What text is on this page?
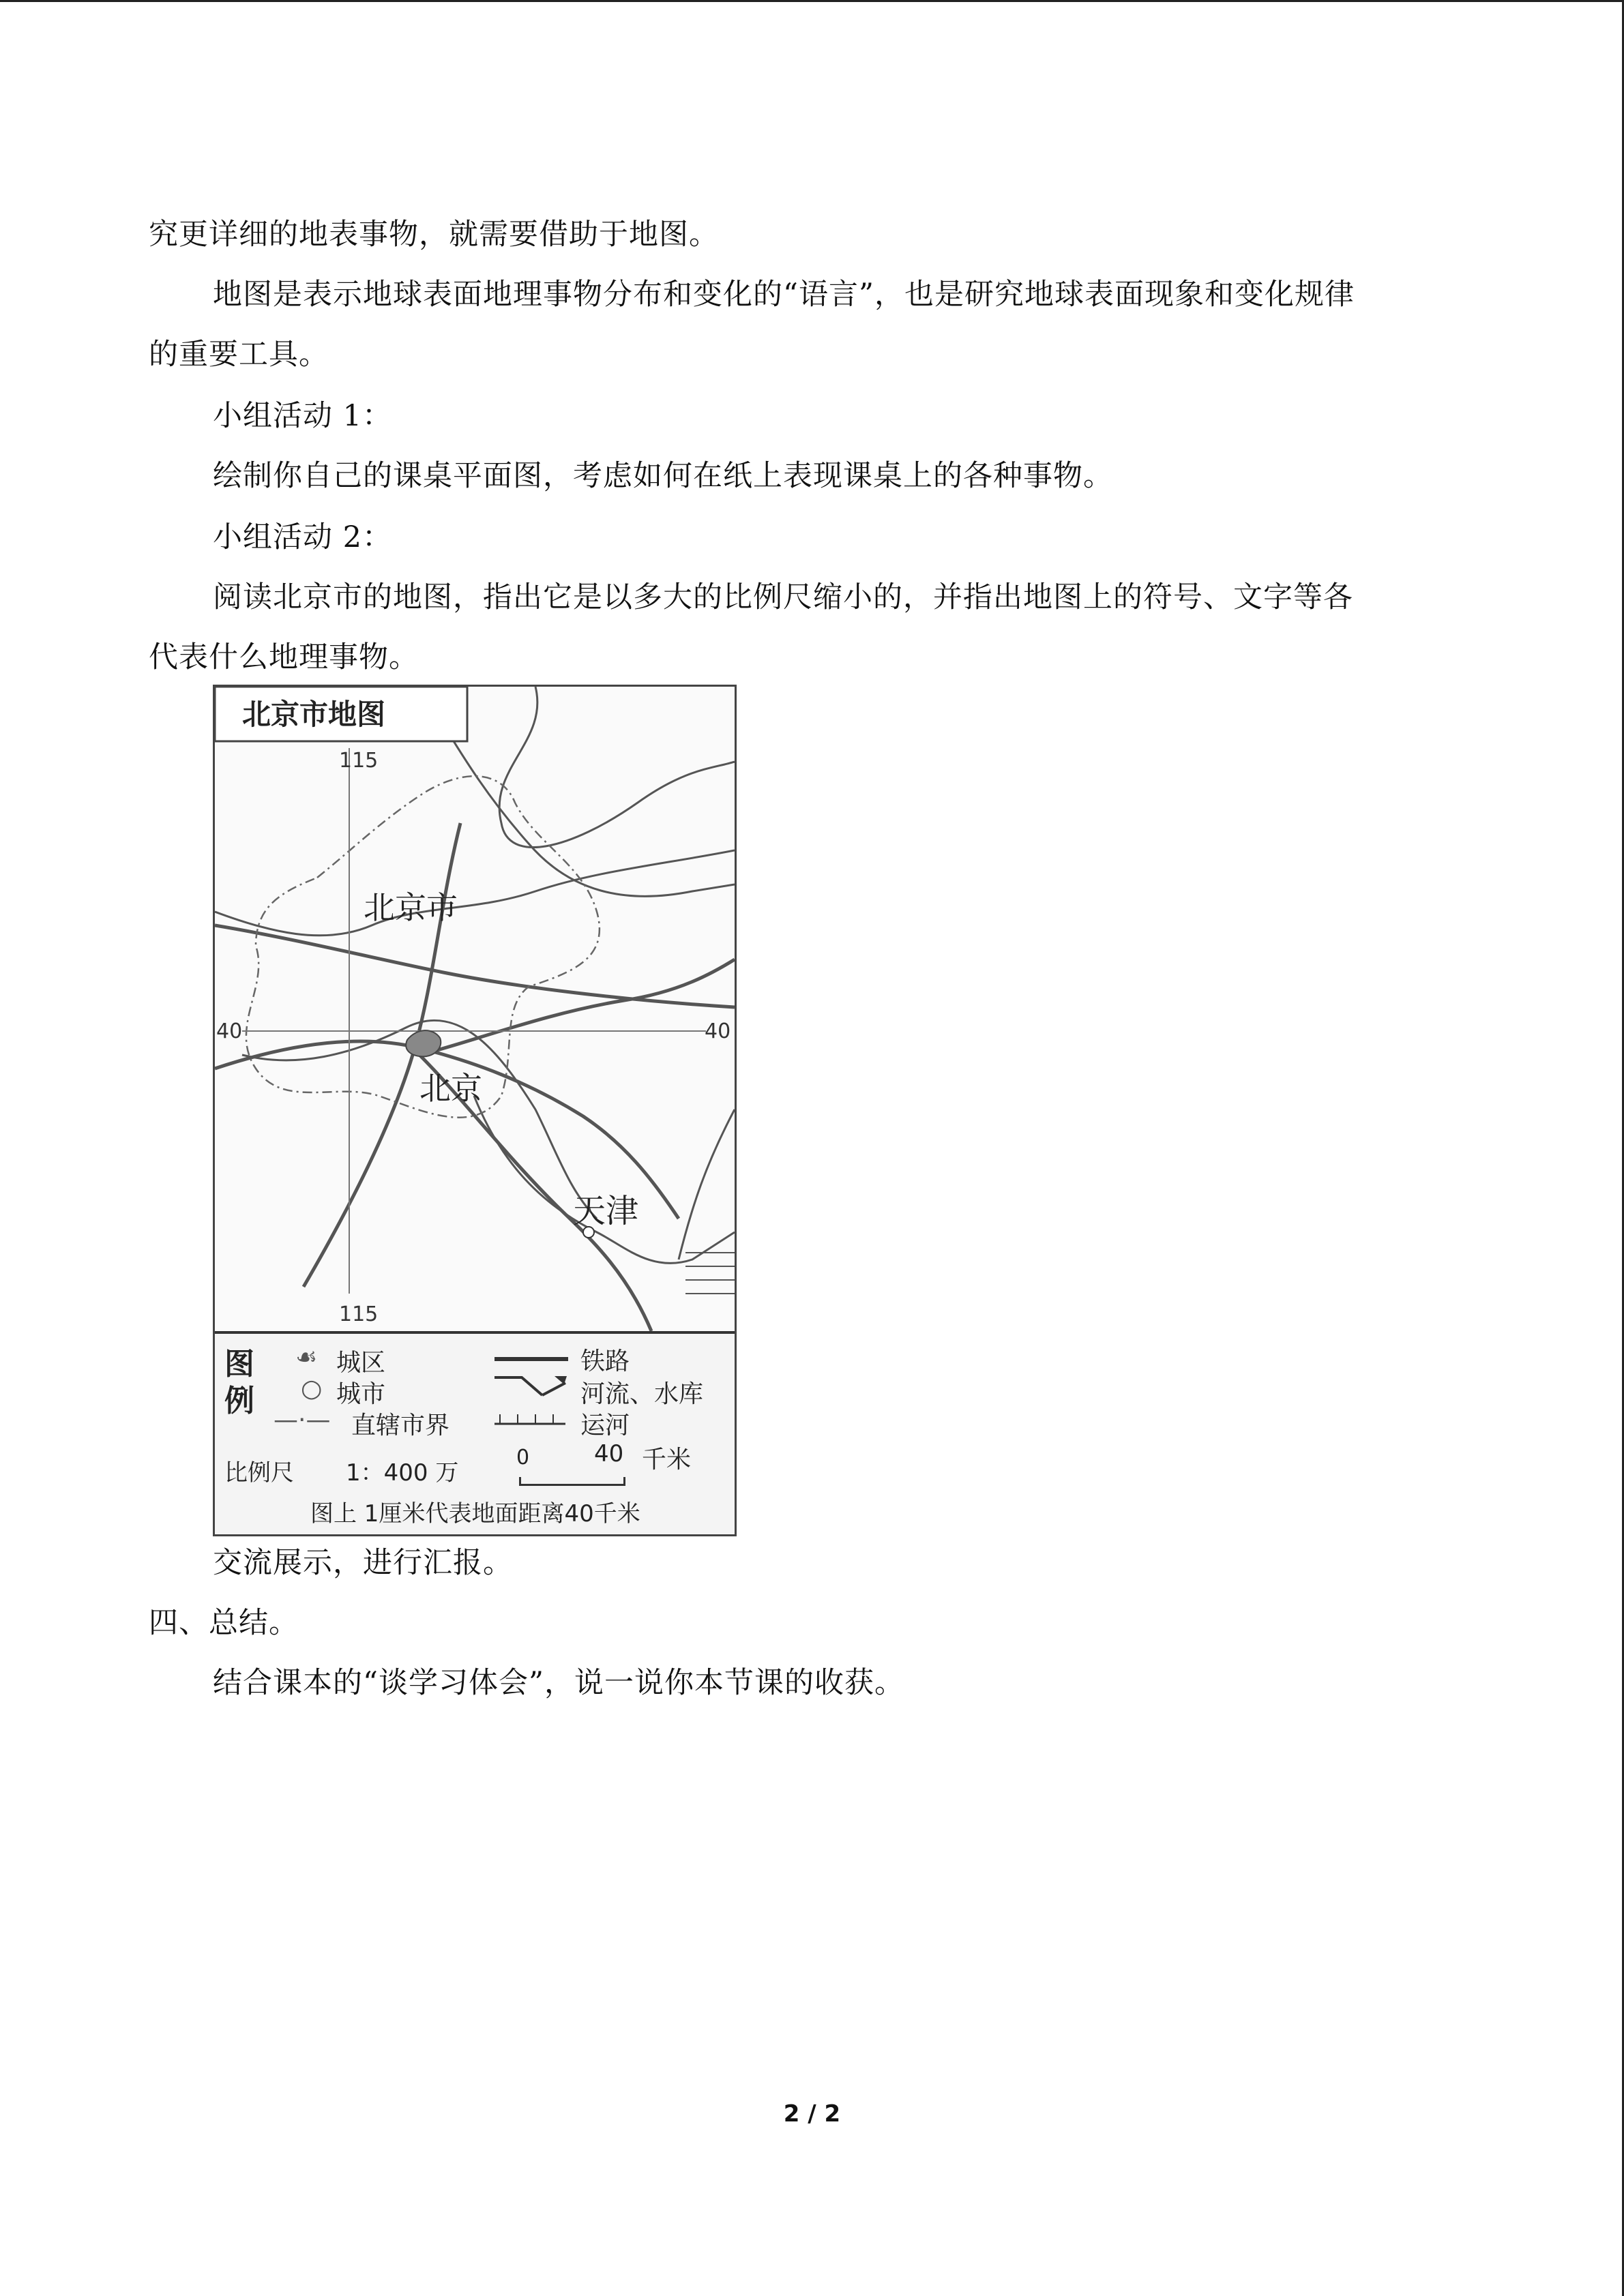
究更详细的地表事物，就需要借助于地图。
地图是表示地球表面地理事物分布和变化的“语言”，也是研究地球表面现象和变化规律
的重要工具。
小组活动 1：
绘制你自己的课桌平面图，考虑如何在纸上表现课桌上的各种事物。
小组活动 2：
阅读北京市的地图，指出它是以多大的比例尺缩小的，并指出地图上的符号、文字等各
代表什么地理事物。
北京市地图
115
115
40	40
北京市
北京
天津
图
例
☙ 城区
○ 城市
—·— 直辖市界
铁路
河流、水库
运河
比例尺 1：400 万
0	40 千米
图上 1厘米代表地面距离40千米
交流展示，进行汇报。
四、总结。
结合课本的“谈学习体会”，说一说你本节课的收获。
2 / 2
